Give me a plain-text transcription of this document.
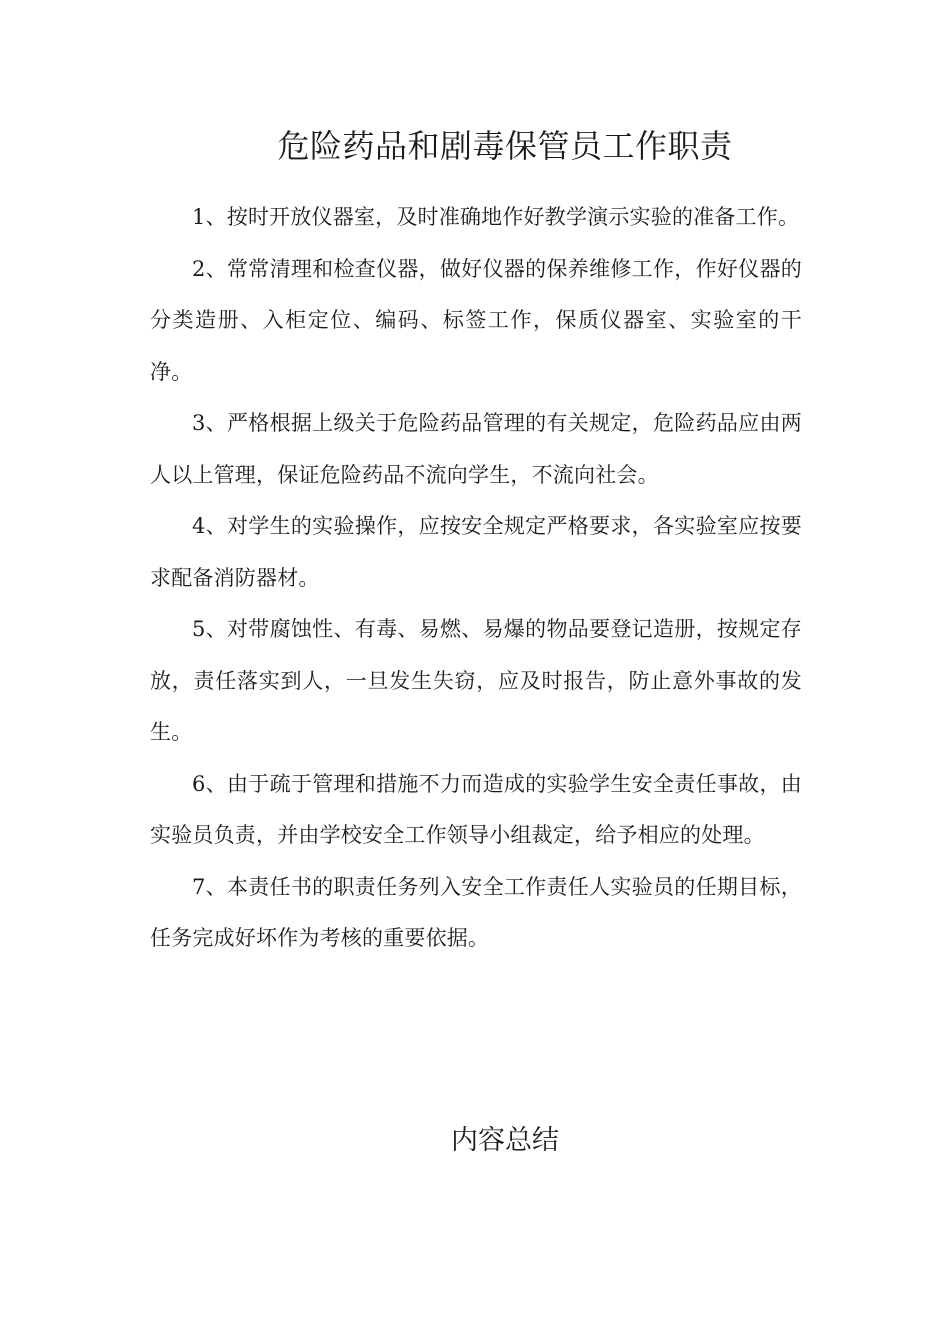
危险药品和剧毒保管员工作职责

1、按时开放仪器室，及时准确地作好教学演示实验的准备工作。

2、常常清理和检查仪器，做好仪器的保养维修工作，作好仪器的分类造册、入柜定位、编码、标签工作，保质仪器室、实验室的干净。

3、严格根据上级关于危险药品管理的有关规定，危险药品应由两人以上管理，保证危险药品不流向学生，不流向社会。

4、对学生的实验操作，应按安全规定严格要求，各实验室应按要求配备消防器材。

5、对带腐蚀性、有毒、易燃、易爆的物品要登记造册，按规定存放，责任落实到人，一旦发生失窃，应及时报告，防止意外事故的发生。

6、由于疏于管理和措施不力而造成的实验学生安全责任事故，由实验员负责，并由学校安全工作领导小组裁定，给予相应的处理。

7、本责任书的职责任务列入安全工作责任人实验员的任期目标，任务完成好坏作为考核的重要依据。

内容总结
